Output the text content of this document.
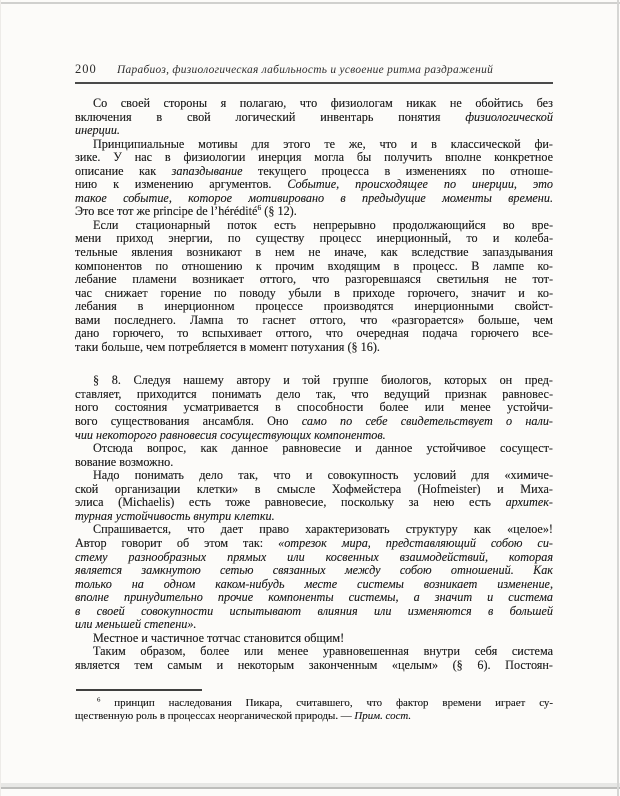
200	Парабиоз, физиологическая лабильность и усвоение ритма раздражений
Со своей стороны я полагаю, что физиологам никак не обойтись без
включения в свой логический инвентарь понятия физиологической
инерции.
Принципиальные мотивы для этого те же, что и в классической фи-
зике. У нас в физиологии инерция могла бы получить вполне конкретное
описание как запаздывание текущего процесса в изменениях по отноше-
нию к изменению аргументов. Событие, происходящее по инерции, это
такое событие, которое мотивировано в предыдущие моменты времени.
Это все тот же principe de l’hérédité$^6$ (§ 12).
Если стационарный поток есть непрерывно продолжающийся во вре-
мени приход энергии, по существу процесс инерционный, то и колеба-
тельные явления возникают в нем не иначе, как вследствие запаздывания
компонентов по отношению к прочим входящим в процесс. В лампе ко-
лебание пламени возникает оттого, что разгоревшаяся светильня не тот-
час снижает горение по поводу убыли в приходе горючего, значит и ко-
лебания в инерционном процессе производятся инерционными свойст-
вами последнего. Лампа то гаснет оттого, что «разгорается» больше, чем
дано горючего, то вспыхивает оттого, что очередная подача горючего все-
таки больше, чем потребляется в момент потухания (§ 16).
§ 8. Следуя нашему автору и той группе биологов, которых он пред-
ставляет, приходится понимать дело так, что ведущий признак равновес-
ного состояния усматривается в способности более или менее устойчи-
вого существования ансамбля. Оно само по себе свидетельствует о нали-
чии некоторого равновесия сосуществующих компонентов.
Отсюда вопрос, как данное равновесие и данное устойчивое сосущест-
вование возможно.
Надо понимать дело так, что и совокупность условий для «химиче-
ской организации клетки» в смысле Хофмейстера (Hofmeister) и Миха-
элиса (Michaelis) есть тоже равновесие, поскольку за нею есть архитек-
турная устойчивость внутри клетки.
Спрашивается, что дает право характеризовать структуру как «целое»!
Автор говорит об этом так: «отрезок мира, представляющий собою си-
стему разнообразных прямых или косвенных взаимодействий, которая
является замкнутою сетью связанных между собою отношений. Как
только на одном каком-нибудь месте системы возникает изменение,
вполне принудительно прочие компоненты системы, а значит и система
в своей совокупности испытывают влияния или изменяются в большей
или меньшей степени».
Местное и частичное тотчас становится общим!
Таким образом, более или менее уравновешенная внутри себя система
является тем самым и некоторым законченным «целым» (§ 6). Постоян-
$^6$ принцип наследования Пикара, считавшего, что фактор времени играет су-
щественную роль в процессах неорганической природы. — Прим. сост.
